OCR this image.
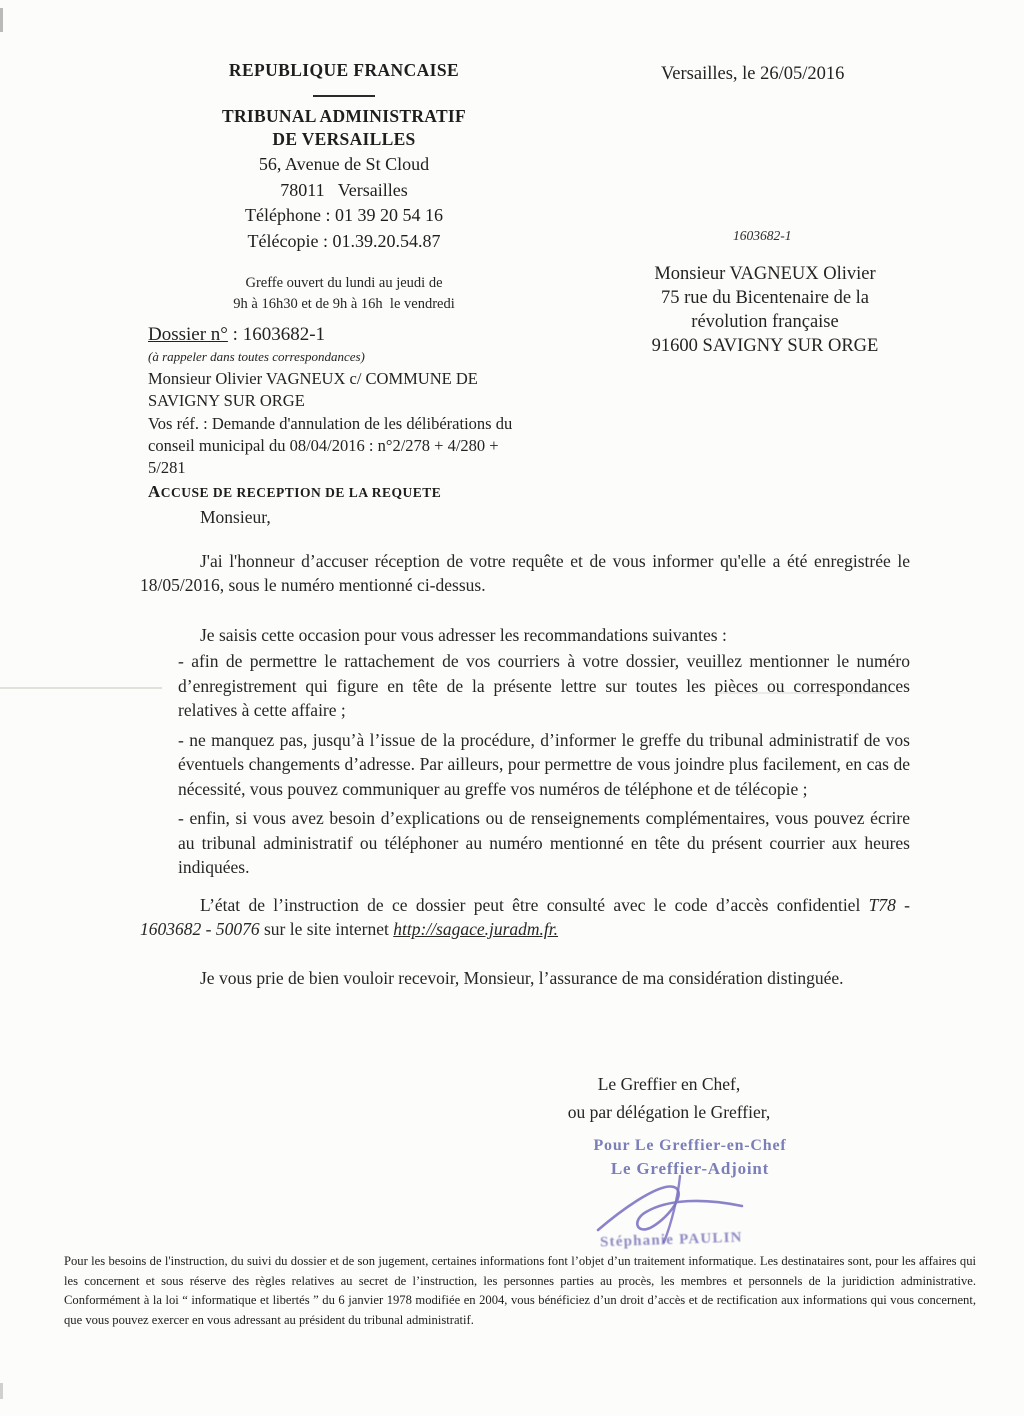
REPUBLIQUE FRANCAISE
TRIBUNAL ADMINISTRATIF
DE VERSAILLES
56, Avenue de St Cloud
78011   Versailles
Téléphone : 01 39 20 54 16
Télécopie : 01.39.20.54.87
Greffe ouvert du lundi au jeudi de
9h à 16h30 et de 9h à 16h  le vendredi
Versailles, le 26/05/2016
1603682-1
Monsieur VAGNEUX Olivier
75 rue du Bicentenaire de la
révolution française
91600 SAVIGNY SUR ORGE
Dossier n° : 1603682-1
(à rappeler dans toutes correspondances)
Monsieur Olivier VAGNEUX c/ COMMUNE DE SAVIGNY SUR ORGE
Vos réf. : Demande d'annulation de les délibérations du conseil municipal du 08/04/2016 : n°2/278 + 4/280 + 5/281
ACCUSE DE RECEPTION DE LA REQUETE

Monsieur,

J'ai l'honneur d’accuser réception de votre requête et de vous informer qu'elle a été enregistrée le 18/05/2016, sous le numéro mentionné ci-dessus.

Je saisis cette occasion pour vous adresser les recommandations suivantes :

- afin de permettre le rattachement de vos courriers à votre dossier, veuillez mentionner le numéro d’enregistrement qui figure en tête de la présente lettre sur toutes les pièces ou correspondances relatives à cette affaire ;

- ne manquez pas, jusqu’à l’issue de la procédure, d’informer le greffe du tribunal administratif de vos éventuels changements d’adresse. Par ailleurs, pour permettre de vous joindre plus facilement, en cas de nécessité, vous pouvez communiquer au greffe vos numéros de téléphone et de télécopie ;

- enfin, si vous avez besoin d’explications ou de renseignements complémentaires, vous pouvez écrire au tribunal administratif ou téléphoner au numéro mentionné en tête du présent courrier aux heures indiquées.

L’état de l’instruction de ce dossier peut être consulté avec le code d’accès confidentiel T78 - 1603682 - 50076 sur le site internet http://sagace.juradm.fr.

Je vous prie de bien vouloir recevoir, Monsieur, l’assurance de ma considération distinguée.

Le Greffier en Chef,
ou par délégation le Greffier,
Pour Le Greffier-en-Chef
Le Greffier-Adjoint
Stéphanie PAULIN
Pour les besoins de l'instruction, du suivi du dossier et de son jugement, certaines informations font l’objet d’un traitement informatique. Les destinataires sont, pour les affaires qui les concernent et sous réserve des règles relatives au secret de l’instruction, les personnes parties au procès, les membres et personnels de la juridiction administrative. Conformément à la loi “ informatique et libertés ” du 6 janvier 1978 modifiée en 2004, vous bénéficiez d’un droit d’accès et de rectification aux informations qui vous concernent, que vous pouvez exercer en vous adressant au président du tribunal administratif.
